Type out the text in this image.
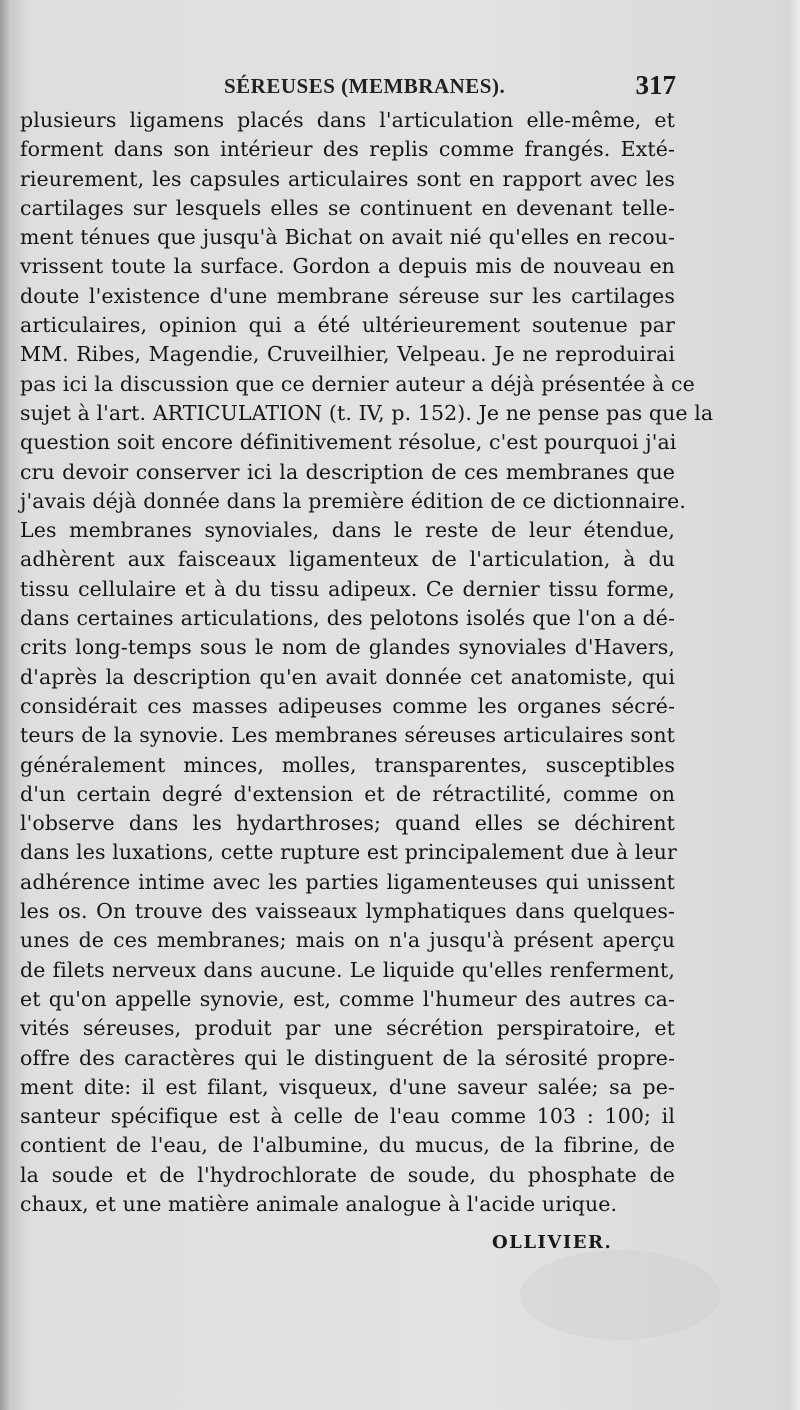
SÉREUSES (MEMBRANES).	317
plusieurs ligamens placés dans l'articulation elle-même, et
forment dans son intérieur des replis comme frangés. Exté-
rieurement, les capsules articulaires sont en rapport avec les
cartilages sur lesquels elles se continuent en devenant telle-
ment ténues que jusqu'à Bichat on avait nié qu'elles en recou-
vrissent toute la surface. Gordon a depuis mis de nouveau en
doute l'existence d'une membrane séreuse sur les cartilages
articulaires, opinion qui a été ultérieurement soutenue par
MM. Ribes, Magendie, Cruveilhier, Velpeau. Je ne reproduirai
pas ici la discussion que ce dernier auteur a déjà présentée à ce
sujet à l'art. ARTICULATION (t. IV, p. 152). Je ne pense pas que la
question soit encore définitivement résolue, c'est pourquoi j'ai
cru devoir conserver ici la description de ces membranes que
j'avais déjà donnée dans la première édition de ce dictionnaire.
Les membranes synoviales, dans le reste de leur étendue,
adhèrent aux faisceaux ligamenteux de l'articulation, à du
tissu cellulaire et à du tissu adipeux. Ce dernier tissu forme,
dans certaines articulations, des pelotons isolés que l'on a dé-
crits long-temps sous le nom de glandes synoviales d'Havers,
d'après la description qu'en avait donnée cet anatomiste, qui
considérait ces masses adipeuses comme les organes sécré-
teurs de la synovie. Les membranes séreuses articulaires sont
généralement minces, molles, transparentes, susceptibles
d'un certain degré d'extension et de rétractilité, comme on
l'observe dans les hydarthroses; quand elles se déchirent
dans les luxations, cette rupture est principalement due à leur
adhérence intime avec les parties ligamenteuses qui unissent
les os. On trouve des vaisseaux lymphatiques dans quelques-
unes de ces membranes; mais on n'a jusqu'à présent aperçu
de filets nerveux dans aucune. Le liquide qu'elles renferment,
et qu'on appelle synovie, est, comme l'humeur des autres ca-
vités séreuses, produit par une sécrétion perspiratoire, et
offre des caractères qui le distinguent de la sérosité propre-
ment dite: il est filant, visqueux, d'une saveur salée; sa pe-
santeur spécifique est à celle de l'eau comme 103 : 100; il
contient de l'eau, de l'albumine, du mucus, de la fibrine, de
la soude et de l'hydrochlorate de soude, du phosphate de
chaux, et une matière animale analogue à l'acide urique.
OLLIVIER.
